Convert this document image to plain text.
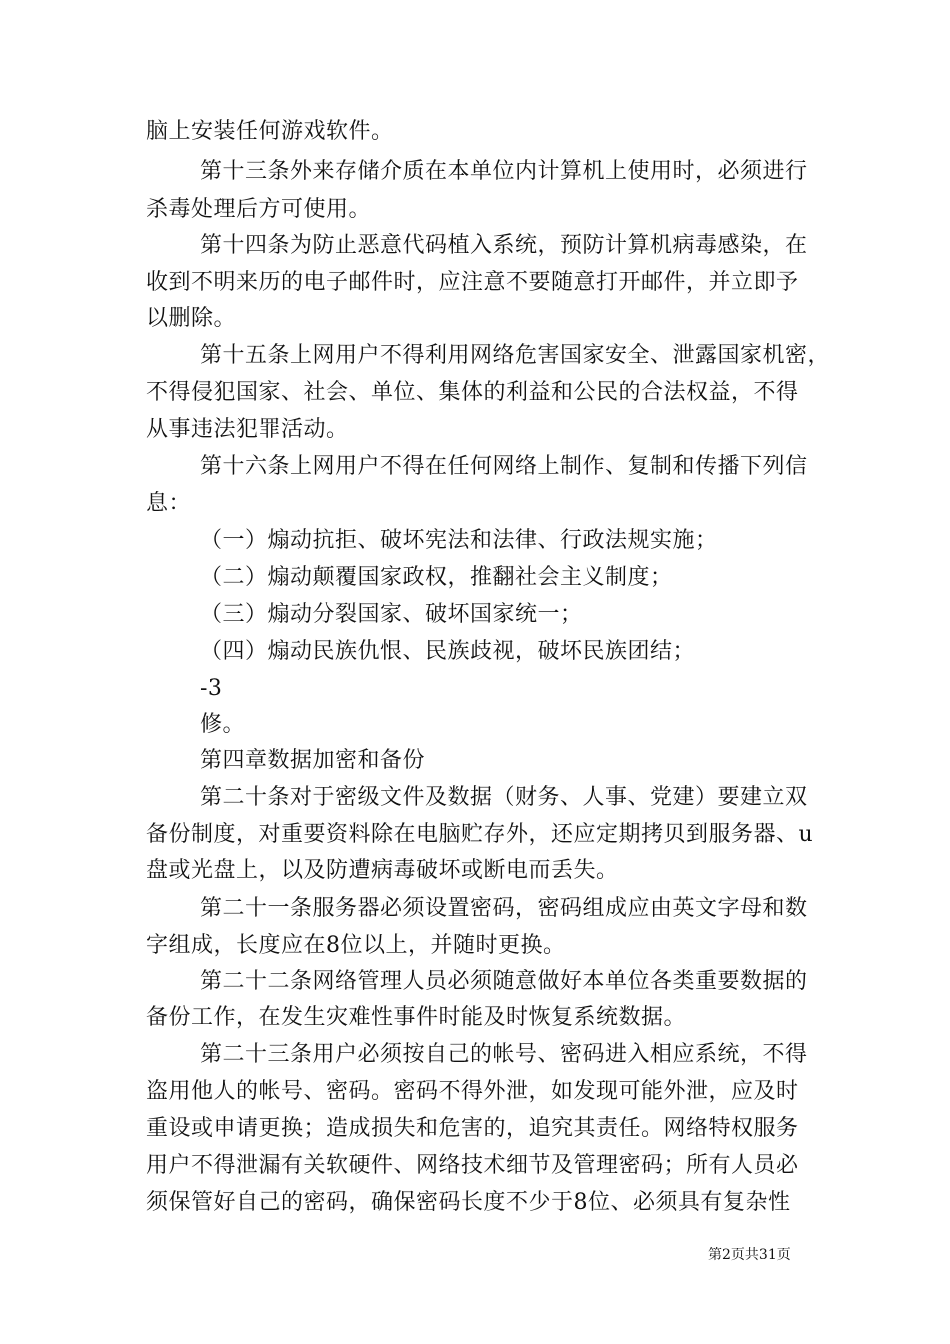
脑上安装任何游戏软件。
第十三条外来存储介质在本单位内计算机上使用时，必须进行
杀毒处理后方可使用。
第十四条为防止恶意代码植入系统，预防计算机病毒感染，在
收到不明来历的电子邮件时，应注意不要随意打开邮件，并立即予
以删除。
第十五条上网用户不得利用网络危害国家安全、泄露国家机密，
不得侵犯国家、社会、单位、集体的利益和公民的合法权益，不得
从事违法犯罪活动。
第十六条上网用户不得在任何网络上制作、复制和传播下列信
息：
（一）煽动抗拒、破坏宪法和法律、行政法规实施；
（二）煽动颠覆国家政权，推翻社会主义制度；
（三）煽动分裂国家、破坏国家统一；
（四）煽动民族仇恨、民族歧视，破坏民族团结；
-3
修。
第四章数据加密和备份
第二十条对于密级文件及数据（财务、人事、党建）要建立双
备份制度，对重要资料除在电脑贮存外，还应定期拷贝到服务器、u
盘或光盘上，以及防遭病毒破坏或断电而丢失。
第二十一条服务器必须设置密码，密码组成应由英文字母和数
字组成，长度应在8位以上，并随时更换。
第二十二条网络管理人员必须随意做好本单位各类重要数据的
备份工作，在发生灾难性事件时能及时恢复系统数据。
第二十三条用户必须按自己的帐号、密码进入相应系统，不得
盗用他人的帐号、密码。密码不得外泄，如发现可能外泄，应及时
重设或申请更换；造成损失和危害的，追究其责任。网络特权服务
用户不得泄漏有关软硬件、网络技术细节及管理密码；所有人员必
须保管好自己的密码，确保密码长度不少于8位、必须具有复杂性
第2页共31页
